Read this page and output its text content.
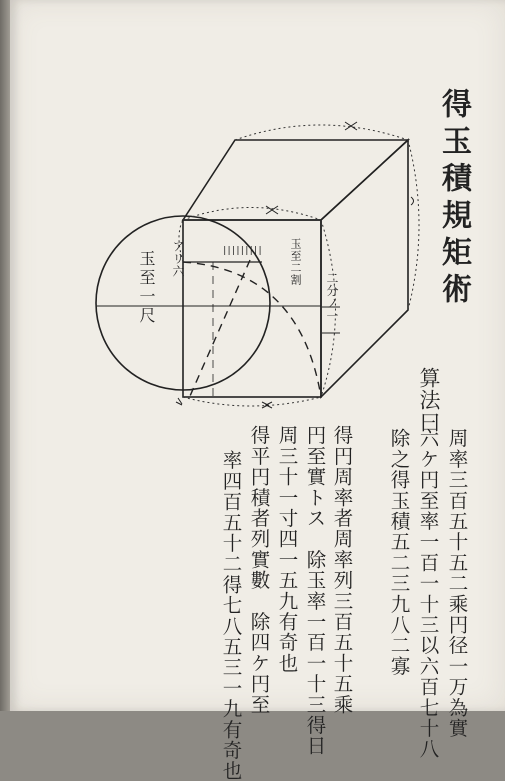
得玉積規矩術
玉至一尺	玉至二割
アリ六
二分ノ一
|||||||||
算法曰
周率三百五十五㆓乘円径一万為實
六ケ円至率一百一十三以六百七十八
除之得玉積五二三九八二寡
得円周率者周率列三百五十五乘
円至實トス　除玉率一百一十三得日
周三十一寸四一五九有奇也
得平円積者列實數　除四ケ円至
率四百五十二得七八五三一九有奇也
